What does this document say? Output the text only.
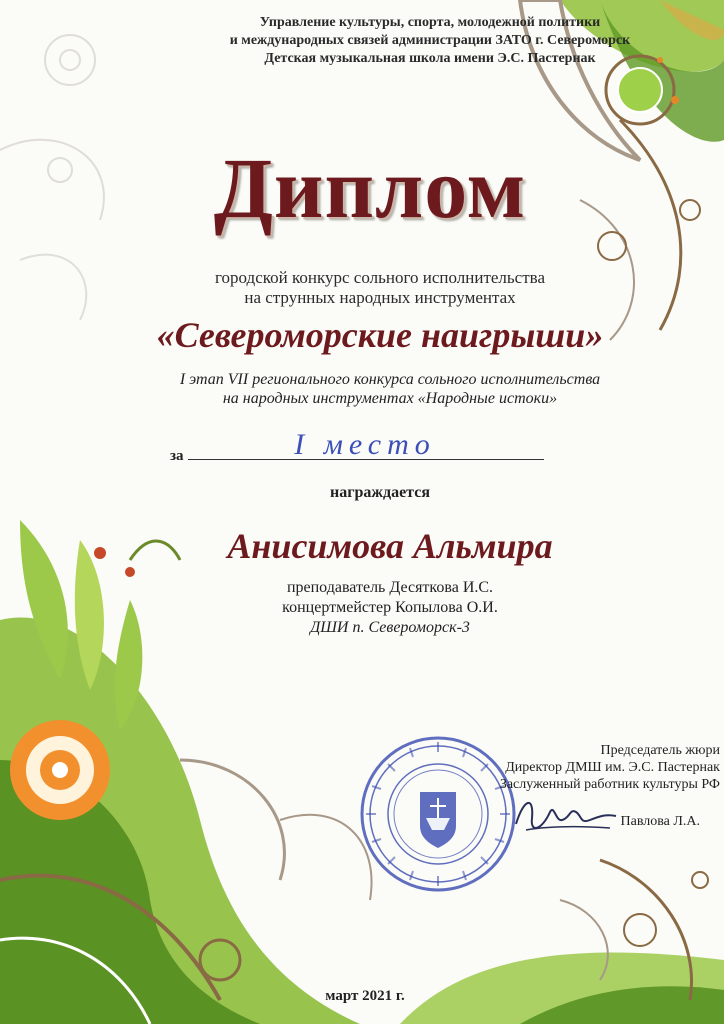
Управление культуры, спорта, молодежной политики
и международных связей администрации ЗАТО г. Североморск
Детская музыкальная школа имени Э.С. Пастернак
Диплом
городской конкурс сольного исполнительства
на струнных народных инструментах
«Североморские наигрыши»
I этап VII регионального конкурса сольного исполнительства
на народных инструментах «Народные истоки»
за	I место
награждается
Анисимова Альмира
преподаватель Десяткова И.С.
концертмейстер Копылова О.И.
ДШИ п. Североморск-3
Председатель жюри
Директор ДМШ им. Э.С. Пастернак
Заслуженный работник культуры РФ
Павлова Л.А.
март 2021 г.
